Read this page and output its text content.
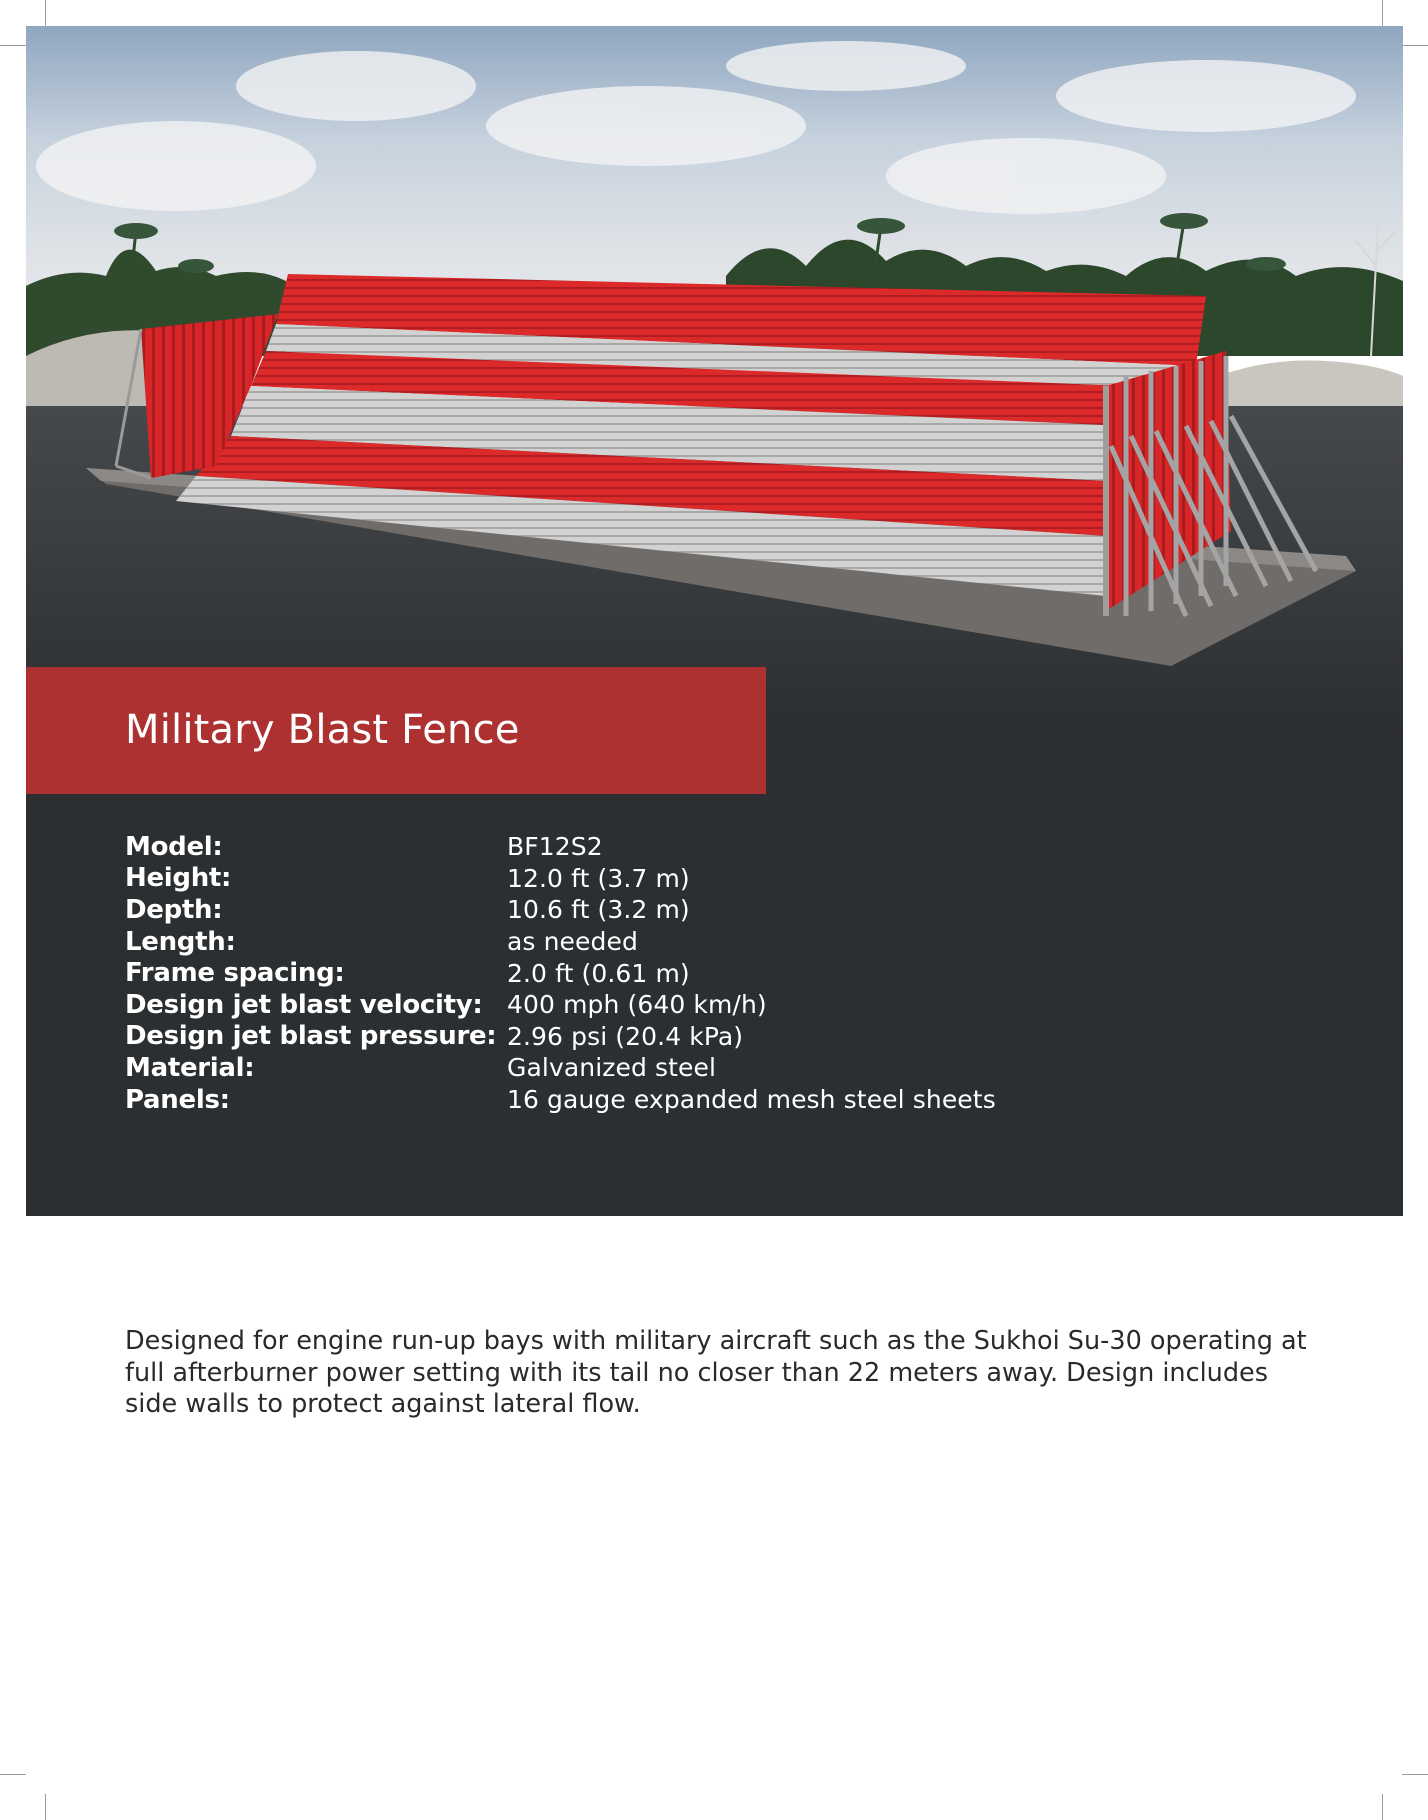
Model:	BF12S2
Height:	12.0 ft (3.7 m)
Depth:	10.6 ft (3.2 m)
Length:	as needed
Frame spacing:	2.0 ft (0.61 m)
Design jet blast velocity: 400 mph (640 km/h)
Design jet blast pressure: 2.96 psi (20.4 kPa)
Material:	Galvanized steel
Panels:	16 gauge expanded mesh steel sheets
Military Blast Fence

Designed for engine run-up bays with military aircraft such as the Sukhoi Su-30 operating at full afterburner power setting with its tail no closer than 22 meters away. Design includes side walls to protect against lateral flow.
